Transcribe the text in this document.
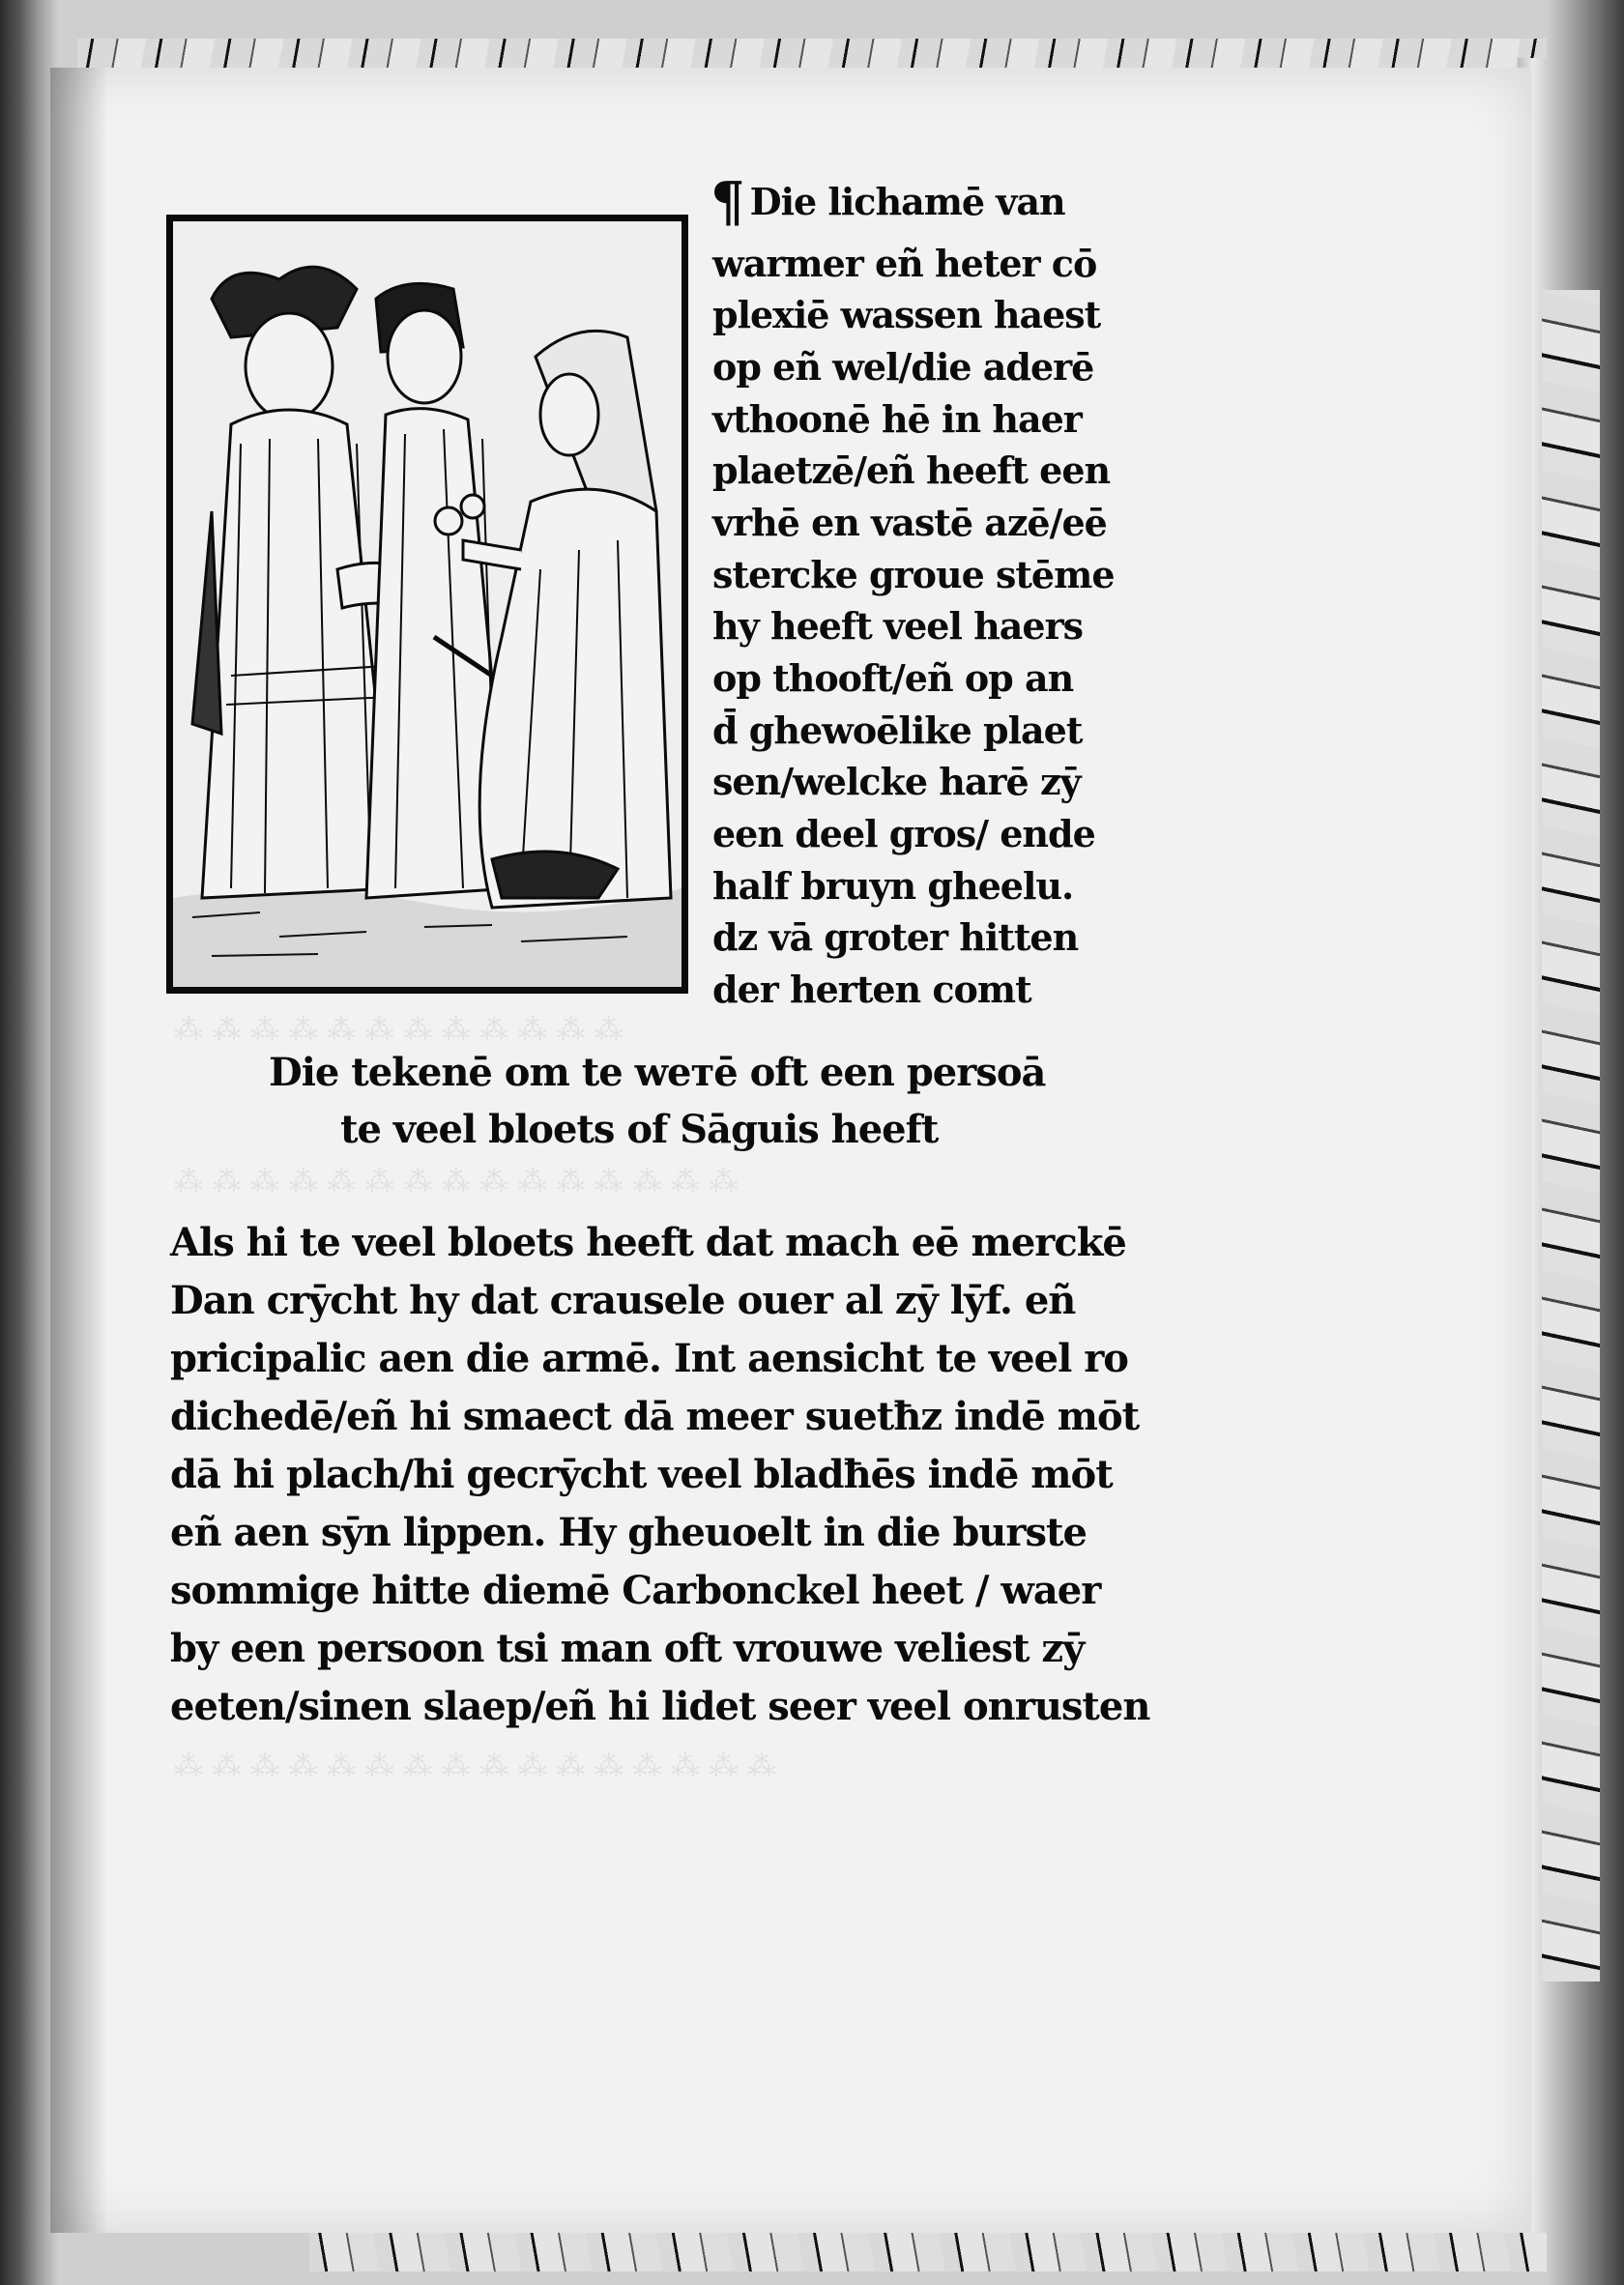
⁂ ⁂ ⁂ ⁂ ⁂ ⁂ ⁂ ⁂ ⁂ ⁂ ⁂ ⁂
⁂ ⁂ ⁂ ⁂ ⁂ ⁂ ⁂ ⁂ ⁂ ⁂ ⁂ ⁂ ⁂ ⁂ ⁂
⁂ ⁂ ⁂ ⁂ ⁂ ⁂ ⁂ ⁂ ⁂ ⁂ ⁂ ⁂ ⁂ ⁂ ⁂ ⁂
¶ Die lichamē van
warmer eñ heter cō
plexiē wassen haest
op eñ wel/die aderē
vthoonē hē in haer
plaetzē/eñ heeft een
vrhē en vastē azē/eē
stercke groue stēme
hy heeft veel haers
op thooft/eñ op an
d̄ ghewoēlike plaet
sen/welcke harē zȳ
een deel gros/ ende
half bruyn gheelu.
dz vā groter hitten
der herten comt
Die tekenē om te weтē oft een persoā
te veel bloets of Sāguis heeft
Als hi te veel bloets heeft dat mach eē merckē
Dan crȳcht hy dat crausele ouer al zȳ lȳf. eñ
pricipalic aen die armē. Int aensicht te veel ro
dichedē/eñ hi smaect dā meer suetħz indē mōt
dā hi plach/hi gecrȳcht veel bladħēs indē mōt
eñ aen sȳn lippen. Hy gheuoelt in die burste
sommige hitte diemē Carbonckel heet / waer
by een persoon tsi man oft vrouwe veliest zȳ
eeten/sinen slaep/eñ hi lidet seer veel onrusten
